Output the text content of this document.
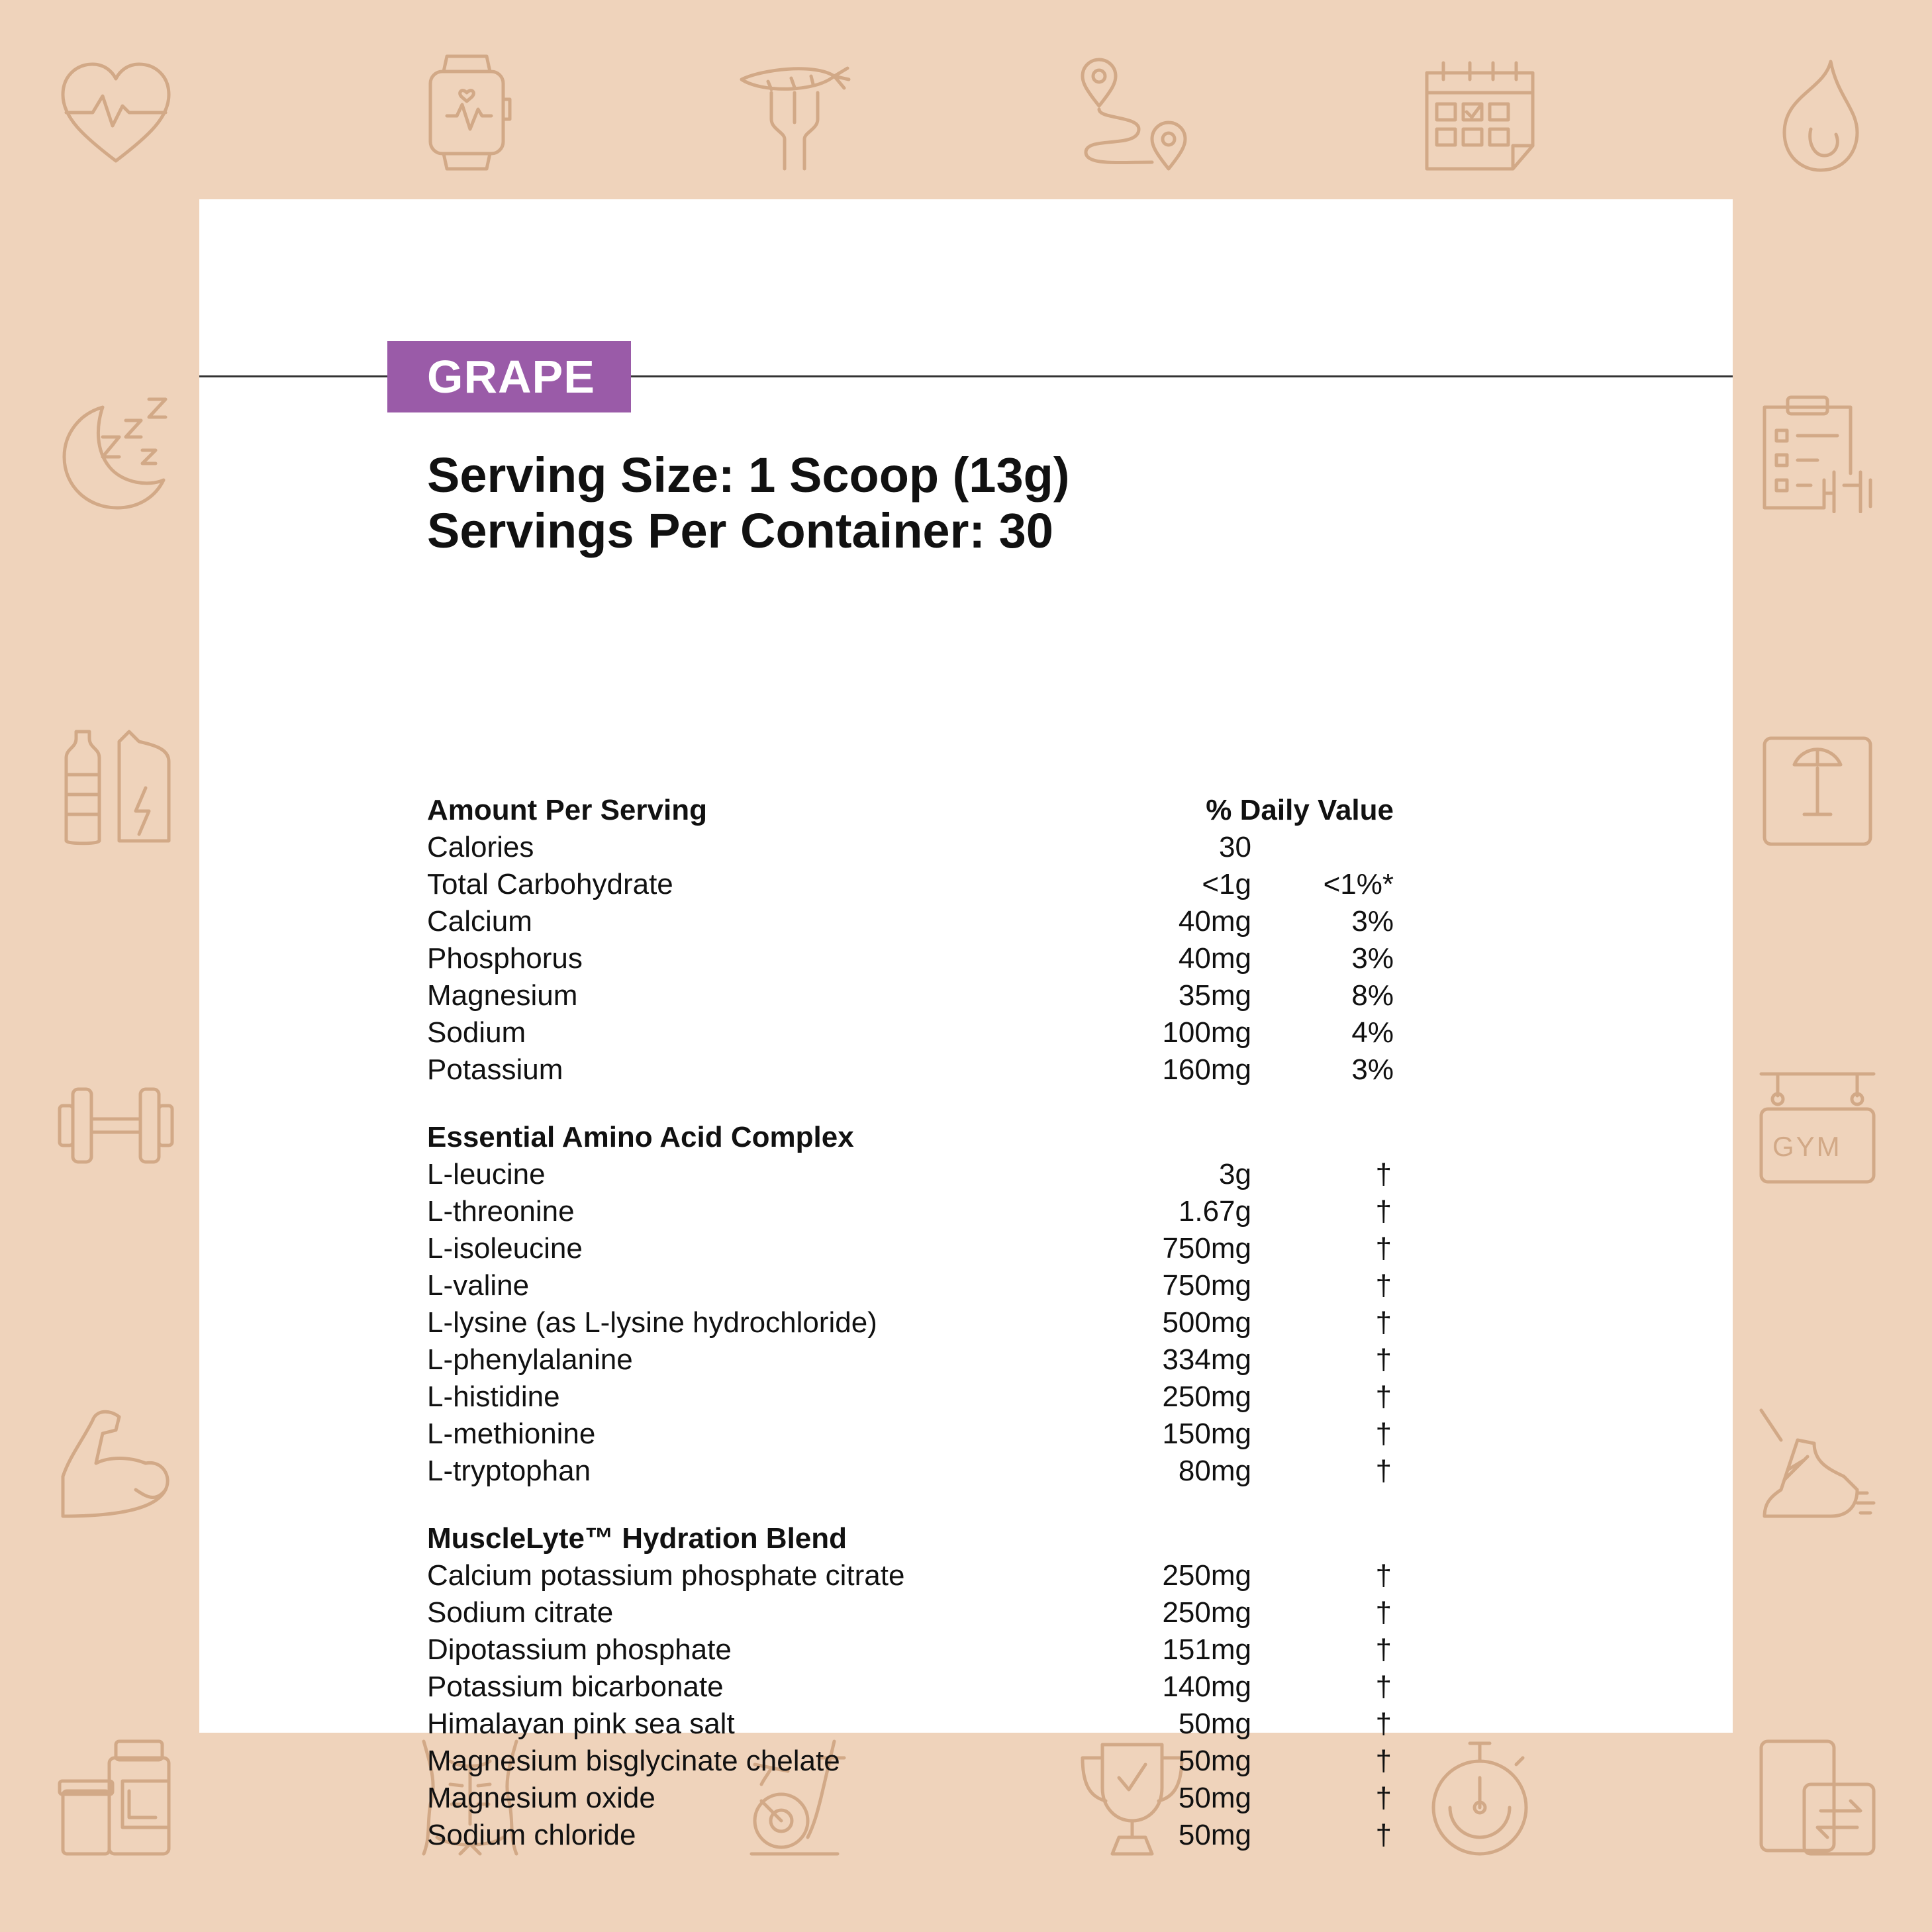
GYM
GRAPE
Serving Size: 1 Scoop (13g)
Servings Per Container: 30
Amount Per Serving	% Daily Value
Calories	30
Total Carbohydrate	<1g <1%*
Calcium	40mg	3%
Phosphorus	40mg	3%
Magnesium	35mg	8%
Sodium	100mg	4%
Potassium	160mg	3%
Essential Amino Acid Complex
L-leucine	3g	†
L-threonine	1.67g	†
L-isoleucine	750mg	†
L-valine	750mg	†
L-lysine (as L-lysine hydrochloride)	500mg	†
L-phenylalanine	334mg	†
L-histidine	250mg	†
L-methionine	150mg	†
L-tryptophan	80mg	†
MuscleLyte™ Hydration Blend
Calcium potassium phosphate citrate	250mg	†
Sodium citrate	250mg	†
Dipotassium phosphate	151mg	†
Potassium bicarbonate	140mg	†
Himalayan pink sea salt	50mg	†
Magnesium bisglycinate chelate	50mg	†
Magnesium oxide	50mg	†
Sodium chloride	50mg	†
